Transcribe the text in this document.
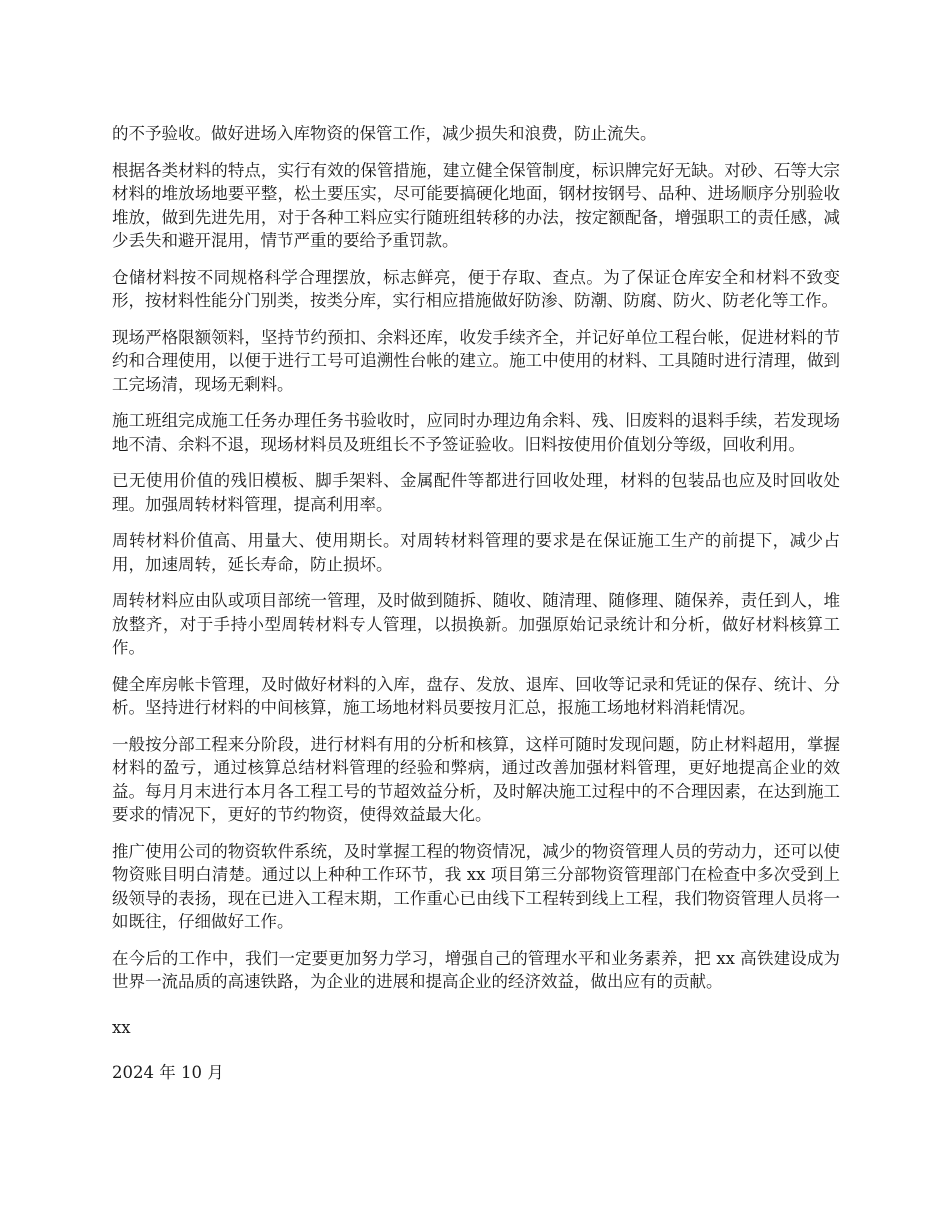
的不予验收。做好进场入库物资的保管工作，减少损失和浪费，防止流失。

根据各类材料的特点，实行有效的保管措施，建立健全保管制度，标识牌完好无缺。对砂、石等大宗材料的堆放场地要平整，松土要压实，尽可能要搞硬化地面，钢材按钢号、品种、进场顺序分别验收堆放，做到先进先用，对于各种工料应实行随班组转移的办法，按定额配备，增强职工的责任感，减少丢失和避开混用，情节严重的要给予重罚款。

仓储材料按不同规格科学合理摆放，标志鲜亮，便于存取、查点。为了保证仓库安全和材料不致变形，按材料性能分门别类，按类分库，实行相应措施做好防渗、防潮、防腐、防火、防老化等工作。

现场严格限额领料，坚持节约预扣、余料还库，收发手续齐全，并记好单位工程台帐，促进材料的节约和合理使用，以便于进行工号可追溯性台帐的建立。施工中使用的材料、工具随时进行清理，做到工完场清，现场无剩料。

施工班组完成施工任务办理任务书验收时，应同时办理边角余料、残、旧废料的退料手续，若发现场地不清、余料不退，现场材料员及班组长不予签证验收。旧料按使用价值划分等级，回收利用。

已无使用价值的残旧模板、脚手架料、金属配件等都进行回收处理，材料的包装品也应及时回收处理。加强周转材料管理，提高利用率。

周转材料价值高、用量大、使用期长。对周转材料管理的要求是在保证施工生产的前提下，减少占用，加速周转，延长寿命，防止损坏。

周转材料应由队或项目部统一管理，及时做到随拆、随收、随清理、随修理、随保养，责任到人，堆放整齐，对于手持小型周转材料专人管理，以损换新。加强原始记录统计和分析，做好材料核算工作。

健全库房帐卡管理，及时做好材料的入库，盘存、发放、退库、回收等记录和凭证的保存、统计、分析。坚持进行材料的中间核算，施工场地材料员要按月汇总，报施工场地材料消耗情况。

一般按分部工程来分阶段，进行材料有用的分析和核算，这样可随时发现问题，防止材料超用，掌握材料的盈亏，通过核算总结材料管理的经验和弊病，通过改善加强材料管理，更好地提高企业的效益。每月月末进行本月各工程工号的节超效益分析，及时解决施工过程中的不合理因素，在达到施工要求的情况下，更好的节约物资，使得效益最大化。

推广使用公司的物资软件系统，及时掌握工程的物资情况，减少的物资管理人员的劳动力，还可以使物资账目明白清楚。通过以上种种工作环节，我 xx 项目第三分部物资管理部门在检查中多次受到上级领导的表扬，现在已进入工程末期，工作重心已由线下工程转到线上工程，我们物资管理人员将一如既往，仔细做好工作。

在今后的工作中，我们一定要更加努力学习，增强自己的管理水平和业务素养，把 xx 高铁建设成为世界一流品质的高速铁路，为企业的进展和提高企业的经济效益，做出应有的贡献。

xx

2024 年 10 月
